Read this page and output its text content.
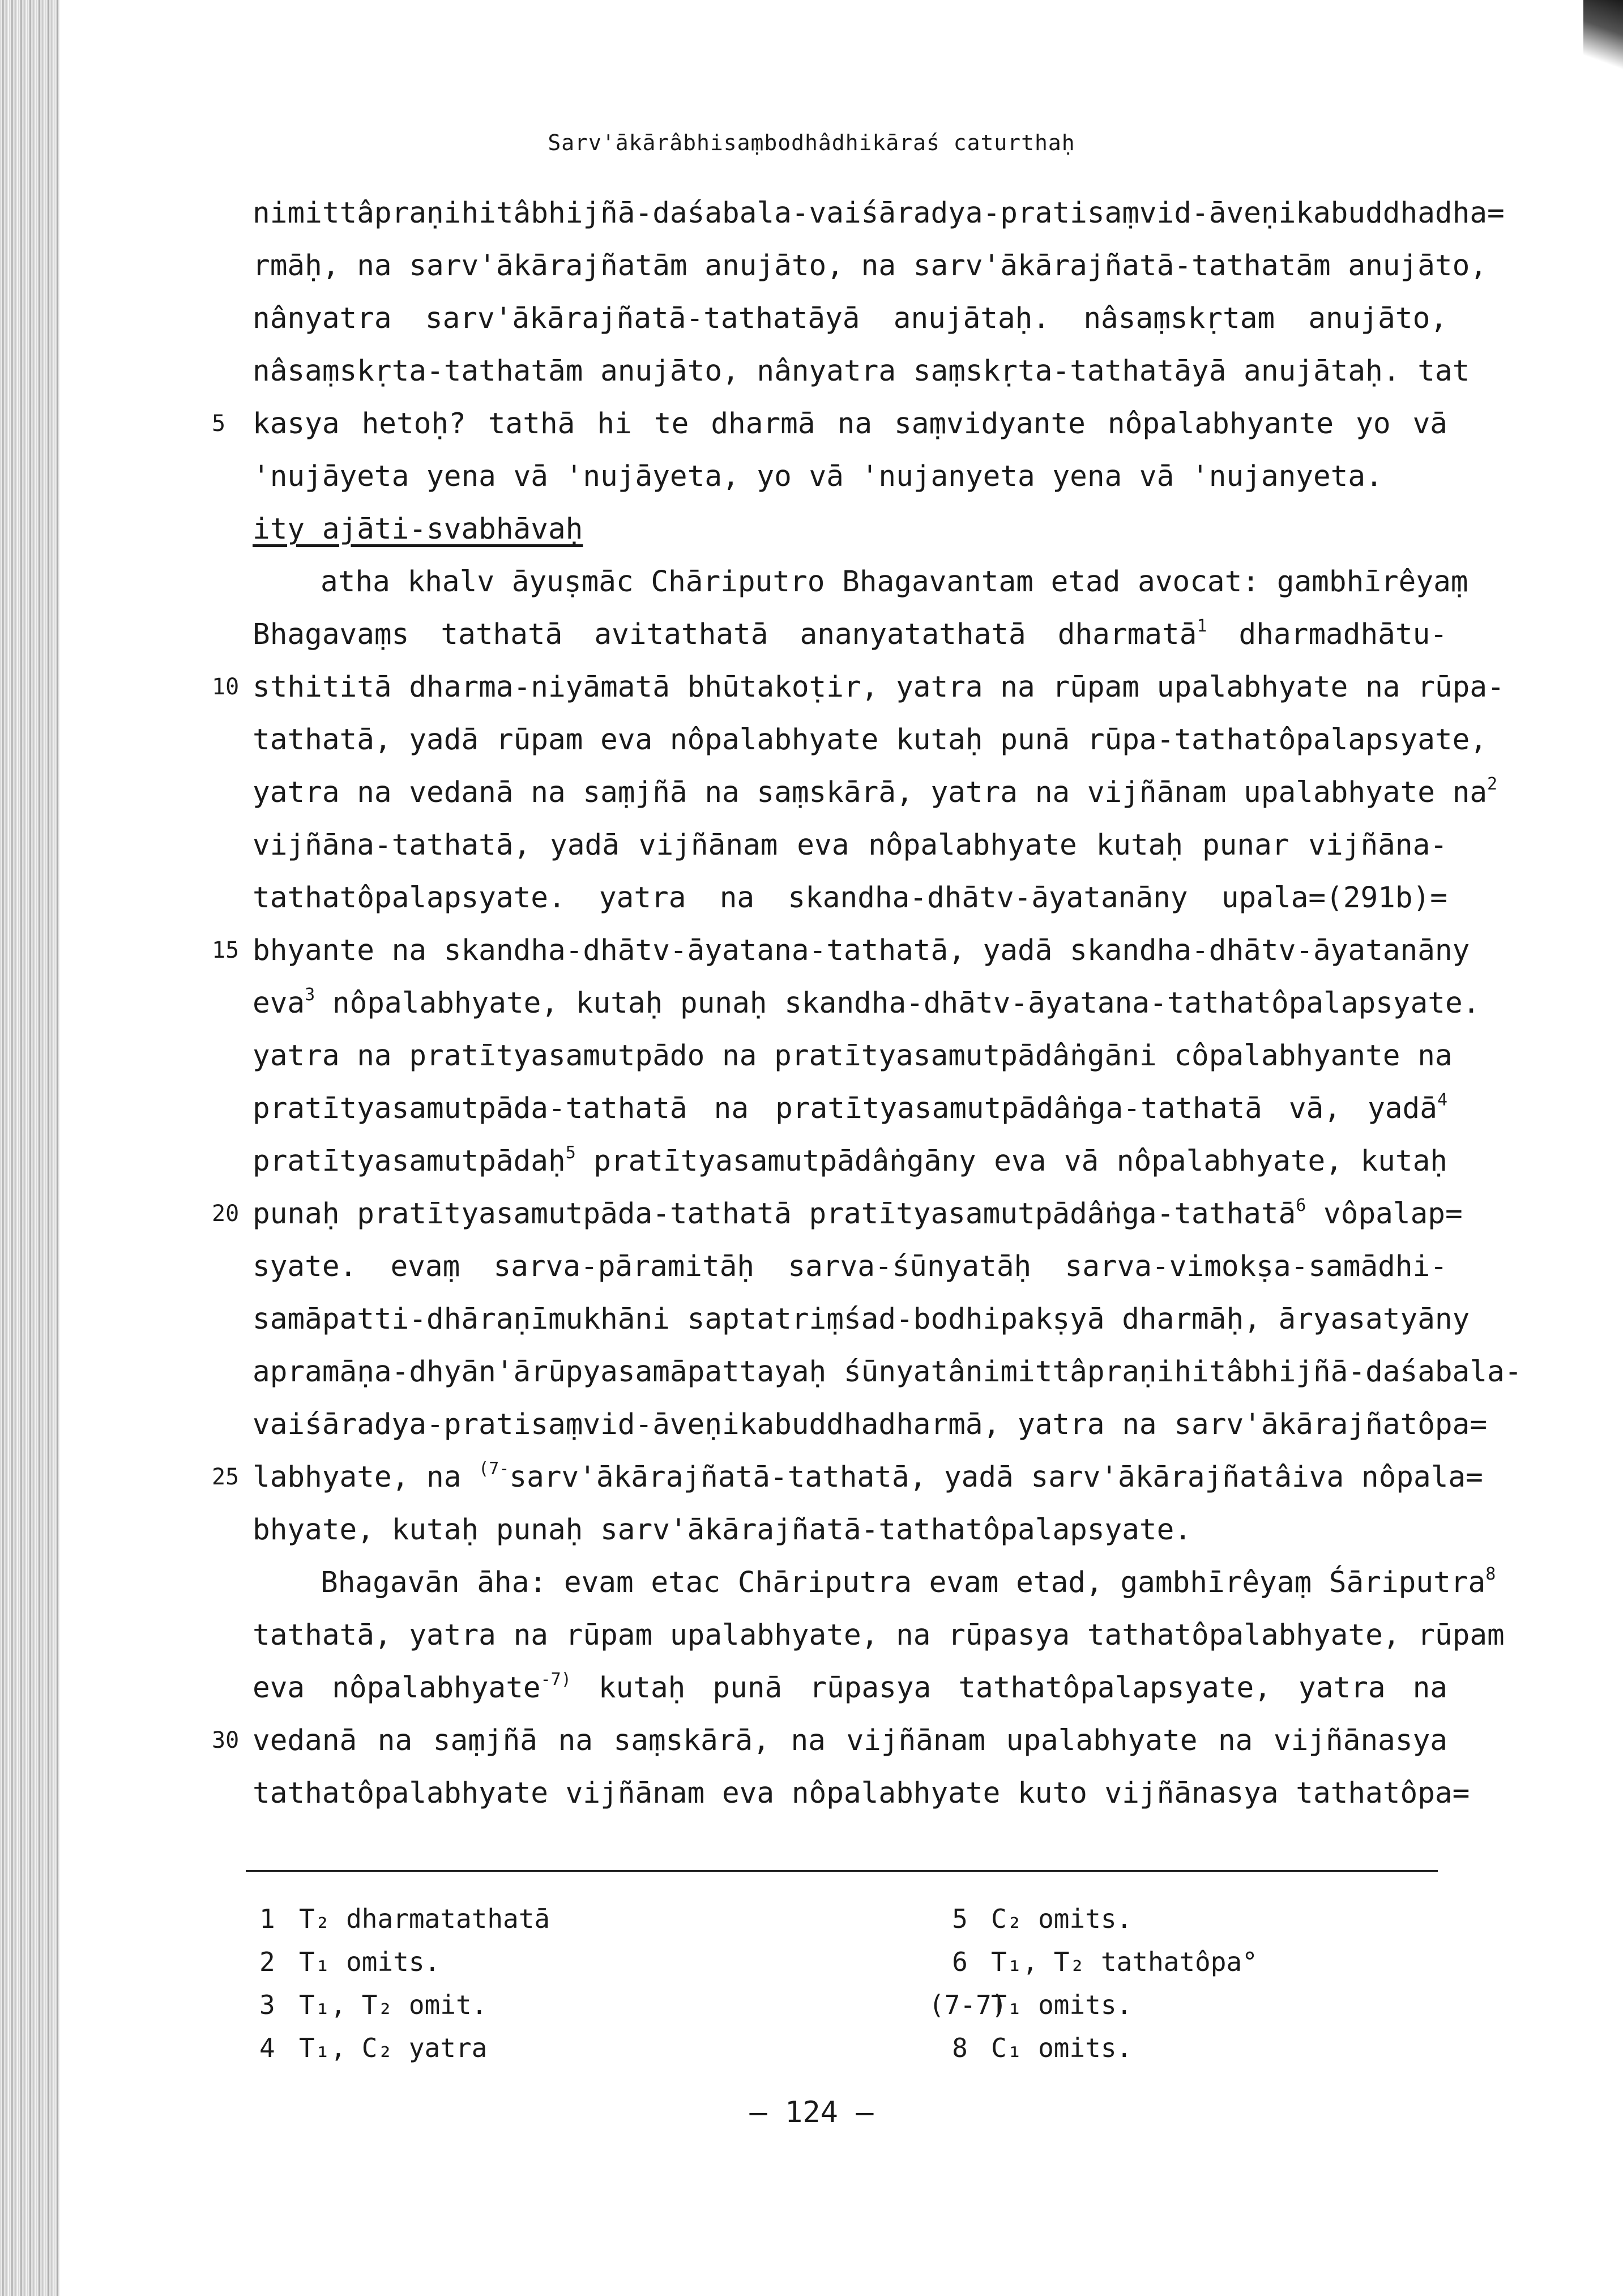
Sarv'ākārâbhisaṃbodhâdhikāraś caturthaḥ
nimittâpraṇihitâbhijñā-daśabala-vaiśāradya-pratisaṃvid-āveṇikabuddhadha=
rmāḥ, na sarv'ākārajñatām anujāto, na sarv'ākārajñatā-tathatām anujāto,
nânyatra sarv'ākārajñatā-tathatāyā anujātaḥ. nâsaṃskṛtam anujāto,
nâsaṃskṛta-tathatām anujāto, nânyatra saṃskṛta-tathatāyā anujātaḥ. tat
5 kasya hetoḥ? tathā hi te dharmā na saṃvidyante nôpalabhyante yo vā
'nujāyeta yena vā 'nujāyeta, yo vā 'nujanyeta yena vā 'nujanyeta.
ity ajāti-svabhāvaḥ
atha khalv āyuṣmāc Chāriputro Bhagavantam etad avocat: gambhīrêyaṃ
Bhagavaṃs tathatā avitathatā ananyatathatā dharmatā$^1$ dharmadhātu-
10 sthititā dharma-niyāmatā bhūtakoṭir, yatra na rūpam upalabhyate na rūpa-
tathatā, yadā rūpam eva nôpalabhyate kutaḥ punā rūpa-tathatôpalapsyate,
yatra na vedanā na saṃjñā na saṃskārā, yatra na vijñānam upalabhyate $na^2$
vijñāna-tathatā, yadā vijñānam eva nôpalabhyate kutaḥ punar vijñāna-
tathatôpalapsyate. yatra na skandha-dhātv-āyatanāny upala=(291b)=
15 bhyante na skandha-dhātv-āyatana-tathatā, yadā skandha-dhātv-āyatanāny
eva$^3$ nôpalabhyate, kutaḥ punaḥ skandha-dhātv-āyatana-tathatôpalapsyate.
yatra na pratītyasamutpādo na pratītyasamutpādâṅgāni côpalabhyante na
pratītyasamutpāda-tathatā na pratītyasamutpādâṅga-tathatā vā, yadā$^4$
pratītyasamutpādaḥ$^5$ pratītyasamutpādâṅgāny eva vā nôpalabhyate, kutaḥ
20 punaḥ pratītyasamutpāda-tathatā pratītyasamutpādâṅga-tathatā$^6$ vôpalap=
syate. evaṃ sarva-pāramitāḥ sarva-śūnyatāḥ sarva-vimokṣa-samādhi-
samāpatti-dhāraṇīmukhāni saptatriṃśad-bodhipakṣyā dharmāḥ, āryasatyāny
apramāṇa-dhyān'ārūpyasamāpattayaḥ śūnyatânimittâpraṇihitâbhijñā-daśabala-
vaiśāradya-pratisaṃvid-āveṇikabuddhadharmā, yatra na sarv'ākārajñatôpa=
25 labhyate, na $^{(7-}$sarv'ākārajñatā-tathatā, yadā sarv'ākārajñatâiva nôpala=
bhyate, kutaḥ punaḥ sarv'ākārajñatā-tathatôpalapsyate.
Bhagavān āha: evam etac Chāriputra evam etad, gambhīrêyaṃ Śāriputra$^8$
tathatā, yatra na rūpam upalabhyate, na rūpasya tathatôpalabhyate, rūpam
eva nôpalabhyate$^{-7)}$ kutaḥ punā rūpasya tathatôpalapsyate, yatra na
30 vedanā na saṃjñā na saṃskārā, na vijñānam upalabhyate na vijñānasya
tathatôpalabhyate vijñānam eva nôpalabhyate kuto vijñānasya tathatôpa=
1 T₂ dharmatathatā
2 T₁ omits.
3 T₁, T₂ omit.
4 T₁, C₂ yatra
5 C₂ omits.
6 T₁, T₂ tathatôpa°
(7-7)T₁ omits.
8 C₁ omits.
— 124 —
